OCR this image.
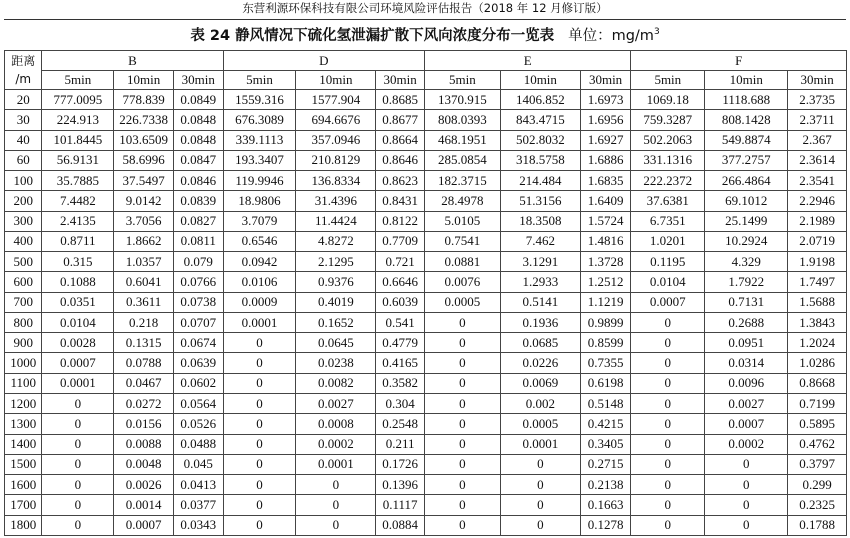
东营利源环保科技有限公司环境风险评估报告（2018 年 12 月修订版）
表 24 静风情况下硫化氢泄漏扩散下风向浓度分布一览表 单位：$mg/m^3$
距离
/m	B			D			E			F		
	5min	10min	30min	5min	10min	30min	5min	10min	30min	5min	10min	30min
20	777.0095	778.839	0.0849	1559.316	1577.904	0.8685	1370.915	1406.852	1.6973	1069.18	1118.688	2.3735
30	224.913	226.7338	0.0848	676.3089	694.6676	0.8677	808.0393	843.4715	1.6956	759.3287	808.1428	2.3711
40	101.8445	103.6509	0.0848	339.1113	357.0946	0.8664	468.1951	502.8032	1.6927	502.2063	549.8874	2.367
60	56.9131	58.6996	0.0847	193.3407	210.8129	0.8646	285.0854	318.5758	1.6886	331.1316	377.2757	2.3614
100	35.7885	37.5497	0.0846	119.9946	136.8334	0.8623	182.3715	214.484	1.6835	222.2372	266.4864	2.3541
200	7.4482	9.0142	0.0839	18.9806	31.4396	0.8431	28.4978	51.3156	1.6409	37.6381	69.1012	2.2946
300	2.4135	3.7056	0.0827	3.7079	11.4424	0.8122	5.0105	18.3508	1.5724	6.7351	25.1499	2.1989
400	0.8711	1.8662	0.0811	0.6546	4.8272	0.7709	0.7541	7.462	1.4816	1.0201	10.2924	2.0719
500	0.315	1.0357	0.079	0.0942	2.1295	0.721	0.0881	3.1291	1.3728	0.1195	4.329	1.9198
600	0.1088	0.6041	0.0766	0.0106	0.9376	0.6646	0.0076	1.2933	1.2512	0.0104	1.7922	1.7497
700	0.0351	0.3611	0.0738	0.0009	0.4019	0.6039	0.0005	0.5141	1.1219	0.0007	0.7131	1.5688
800	0.0104	0.218	0.0707	0.0001	0.1652	0.541	0	0.1936	0.9899	0	0.2688	1.3843
900	0.0028	0.1315	0.0674	0	0.0645	0.4779	0	0.0685	0.8599	0	0.0951	1.2024
1000	0.0007	0.0788	0.0639	0	0.0238	0.4165	0	0.0226	0.7355	0	0.0314	1.0286
1100	0.0001	0.0467	0.0602	0	0.0082	0.3582	0	0.0069	0.6198	0	0.0096	0.8668
1200	0	0.0272	0.0564	0	0.0027	0.304	0	0.002	0.5148	0	0.0027	0.7199
1300	0	0.0156	0.0526	0	0.0008	0.2548	0	0.0005	0.4215	0	0.0007	0.5895
1400	0	0.0088	0.0488	0	0.0002	0.211	0	0.0001	0.3405	0	0.0002	0.4762
1500	0	0.0048	0.045	0	0.0001	0.1726	0	0	0.2715	0	0	0.3797
1600	0	0.0026	0.0413	0	0	0.1396	0	0	0.2138	0	0	0.299
1700	0	0.0014	0.0377	0	0	0.1117	0	0	0.1663	0	0	0.2325
1800	0	0.0007	0.0343	0	0	0.0884	0	0	0.1278	0	0	0.1788
